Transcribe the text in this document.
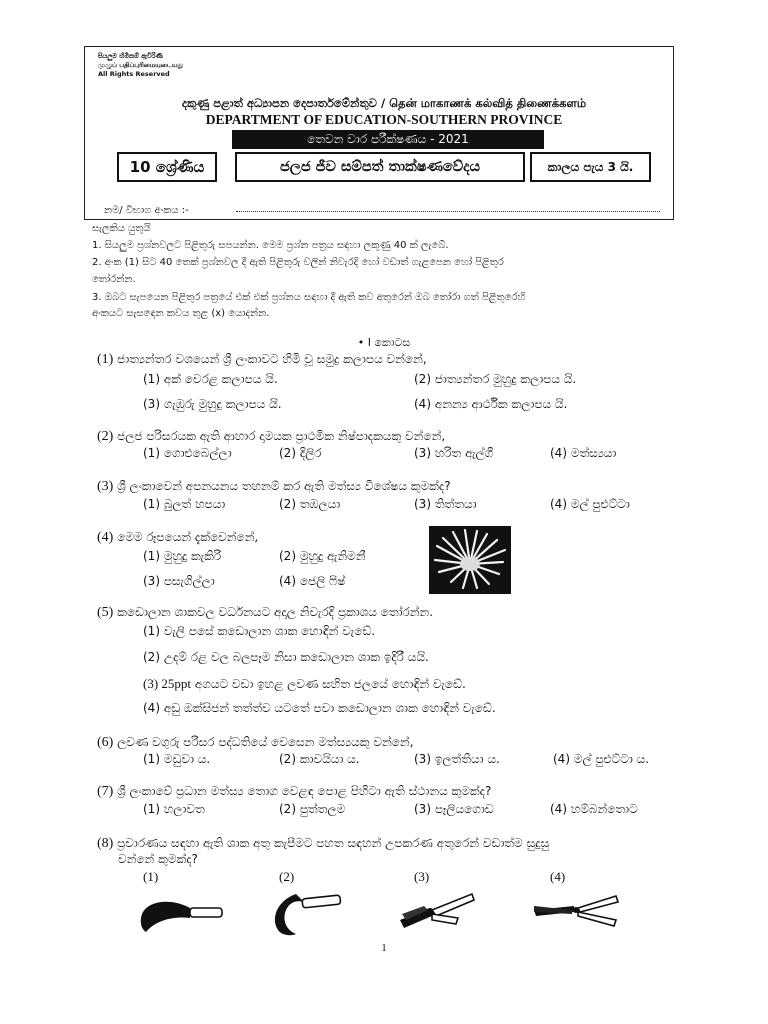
සියලුම හිමිකම් ඇවිරිණි
முழுப் பதிப்புரிமையுடையது
All Rights Reserved
දකුණු පළාත් අධ්‍යාපන දෙපාර්තමේන්තුව / தென் மாகாணக் கல்வித் திணைக்களம்
DEPARTMENT OF EDUCATION-SOUTHERN PROVINCE
තෙවන වාර පරීක්ෂණය - 2021
10 ශ්‍රේණිය	ජලජ ජීව සම්පත් තාක්ෂණවේදය	කාලය පැය 3 යි.
නම/ විභාග අංකය :-
සැලකිය යුතුයි
1. සියලුම ප්‍රශ්නවලට පිළිතුරු සපයන්න. මෙම ප්‍රශ්න පත්‍රය සඳහා ලකුණු 40 ක් ලැබේ.
2. අංක (1) සිට 40 තෙක් ප්‍රශ්නවල දී ඇති පිළිතුරු වලින් නිවැරදි හෝ වඩාත් ගැළපෙන හෝ පිළිතුර
තෝරන්න.
3. ඔබට සැපයෙන පිළිතුර පත්‍රයේ එක් එක් ප්‍රශ්නය සඳහා දී ඇති කව අතුරෙන් ඔබ තෝරා ගත් පිළිතුරෙහි
අංකයට සැසඳෙන කවය තුළ (x) යොදන්න.
• I කොටස
(1) ජාත්‍යන්තර වශයෙන් ශ්‍රී ලංකාවට හිමි වූ සමුද්‍ර කලාපය වන්නේ,
(1) අක් වෙරළ කලාපය යි.	(2) ජාත්‍යන්තර මුහුදු කලාපය යි.
(3) ගැඹුරු මුහුදු කලාපය යි.	(4) අනන්‍ය ආර්ථික කලාපය යි.
(2) ජලජ පරිසරයක ඇති ආහාර දාමයක ප්‍රාථමික නිෂ්පාදකයකු වන්නේ,
(1) ගොළුබෙල්ලා	(2) දිලිර	(3) හරිත ඇල්ගී	(4) මත්ස්‍යයා
(3) ශ්‍රී ලංකාවෙන් අපනයනය තහනම් කර ඇති මත්ස්‍ය විශේෂය කුමක්ද?
(1) බුලත් හපයා	(2) තඹලයා	(3) තිත්තයා	(4) මල් පුළුට්ටා
(4) මෙම රූපයෙන් දැක්වෙන්නේ,
(1) මුහුදු කැකිරි	(2) මුහුදු ඇනිමනී
(3) පසැගිල්ලා	(4) ජෙලි ෆිෂ්
(5) කඩොලාන ශාකවල වර්ධනයට අදාල නිවැරදි ප්‍රකාශය තෝරන්න.
(1) වැලි පසේ කඩොලාන ශාක හොඳින් වැඩේ.
(2) උදම් රළ වල බලපෑම නිසා කඩොලාන ශාක ඉදිරී යයි.
(3) 25ppt අගයට වඩා ඉහළ ලවණ සහිත ජලයේ හොඳින් වැඩේ.
(4) අඩු ඔක්සිජන් තත්ත්ව යටතේ පවා කඩොලාන ශාක හොඳින් වැඩේ.
(6) ලවණ වගුරු පරිසර පද්ධතියේ වෙසෙන මත්ස්‍යයකු වන්නේ,
(1) මඩුවා ය.	(2) කාවයියා ය.	(3) ඉලත්තියා ය.	(4) මල් පුළුට්ටා ය.
(7) ශ්‍රී ලංකාවේ ප්‍රධාන මත්ස්‍ය තොග වෙළඳ පොළ පිහිටා ඇති ස්ථානය කුමක්ද?
(1) හලාවත	(2) පුත්තලම	(3) පෑලියගොඩ	(4) හම්බන්තොට
(8) ප්‍රචාරණය සඳහා ඇති ශාක අතු කැපීමට පහත සඳහන් උපකරණ අතුරෙන් වඩාත්ම සුදුසු
වන්නේ කුමක්ද?
(1)	(2)	(3)	(4)
1
